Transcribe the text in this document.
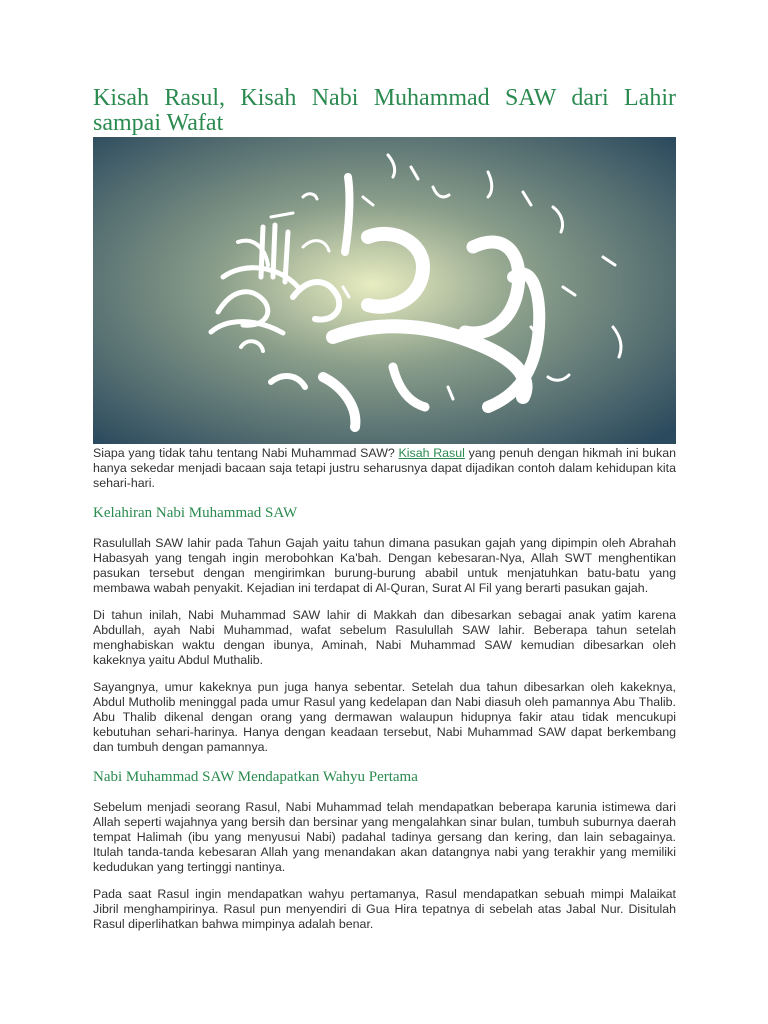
Kisah Rasul, Kisah Nabi Muhammad SAW dari Lahir sampai Wafat

Siapa yang tidak tahu tentang Nabi Muhammad SAW? Kisah Rasul yang penuh dengan hikmah ini bukan hanya sekedar menjadi bacaan saja tetapi justru seharusnya dapat dijadikan contoh dalam kehidupan kita sehari-hari.

Kelahiran Nabi Muhammad SAW

Rasulullah SAW lahir pada Tahun Gajah yaitu tahun dimana pasukan gajah yang dipimpin oleh Abrahah Habasyah yang tengah ingin merobohkan Ka'bah. Dengan kebesaran-Nya, Allah SWT menghentikan pasukan tersebut dengan mengirimkan burung-burung ababil untuk menjatuhkan batu-batu yang membawa wabah penyakit. Kejadian ini terdapat di Al-Quran, Surat Al Fil yang berarti pasukan gajah.

Di tahun inilah, Nabi Muhammad SAW lahir di Makkah dan dibesarkan sebagai anak yatim karena Abdullah, ayah Nabi Muhammad, wafat sebelum Rasulullah SAW lahir. Beberapa tahun setelah menghabiskan waktu dengan ibunya, Aminah, Nabi Muhammad SAW kemudian dibesarkan oleh kakeknya yaitu Abdul Muthalib.

Sayangnya, umur kakeknya pun juga hanya sebentar. Setelah dua tahun dibesarkan oleh kakeknya, Abdul Mutholib meninggal pada umur Rasul yang kedelapan dan Nabi diasuh oleh pamannya Abu Thalib. Abu Thalib dikenal dengan orang yang dermawan walaupun hidupnya fakir atau tidak mencukupi kebutuhan sehari-harinya. Hanya dengan keadaan tersebut, Nabi Muhammad SAW dapat berkembang dan tumbuh dengan pamannya.

Nabi Muhammad SAW Mendapatkan Wahyu Pertama

Sebelum menjadi seorang Rasul, Nabi Muhammad telah mendapatkan beberapa karunia istimewa dari Allah seperti wajahnya yang bersih dan bersinar yang mengalahkan sinar bulan, tumbuh suburnya daerah tempat Halimah (ibu yang menyusui Nabi) padahal tadinya gersang dan kering, dan lain sebagainya. Itulah tanda-tanda kebesaran Allah yang menandakan akan datangnya nabi yang terakhir yang memiliki kedudukan yang tertinggi nantinya.

Pada saat Rasul ingin mendapatkan wahyu pertamanya, Rasul mendapatkan sebuah mimpi Malaikat Jibril menghampirinya. Rasul pun menyendiri di Gua Hira tepatnya di sebelah atas Jabal Nur. Disitulah Rasul diperlihatkan bahwa mimpinya adalah benar.
